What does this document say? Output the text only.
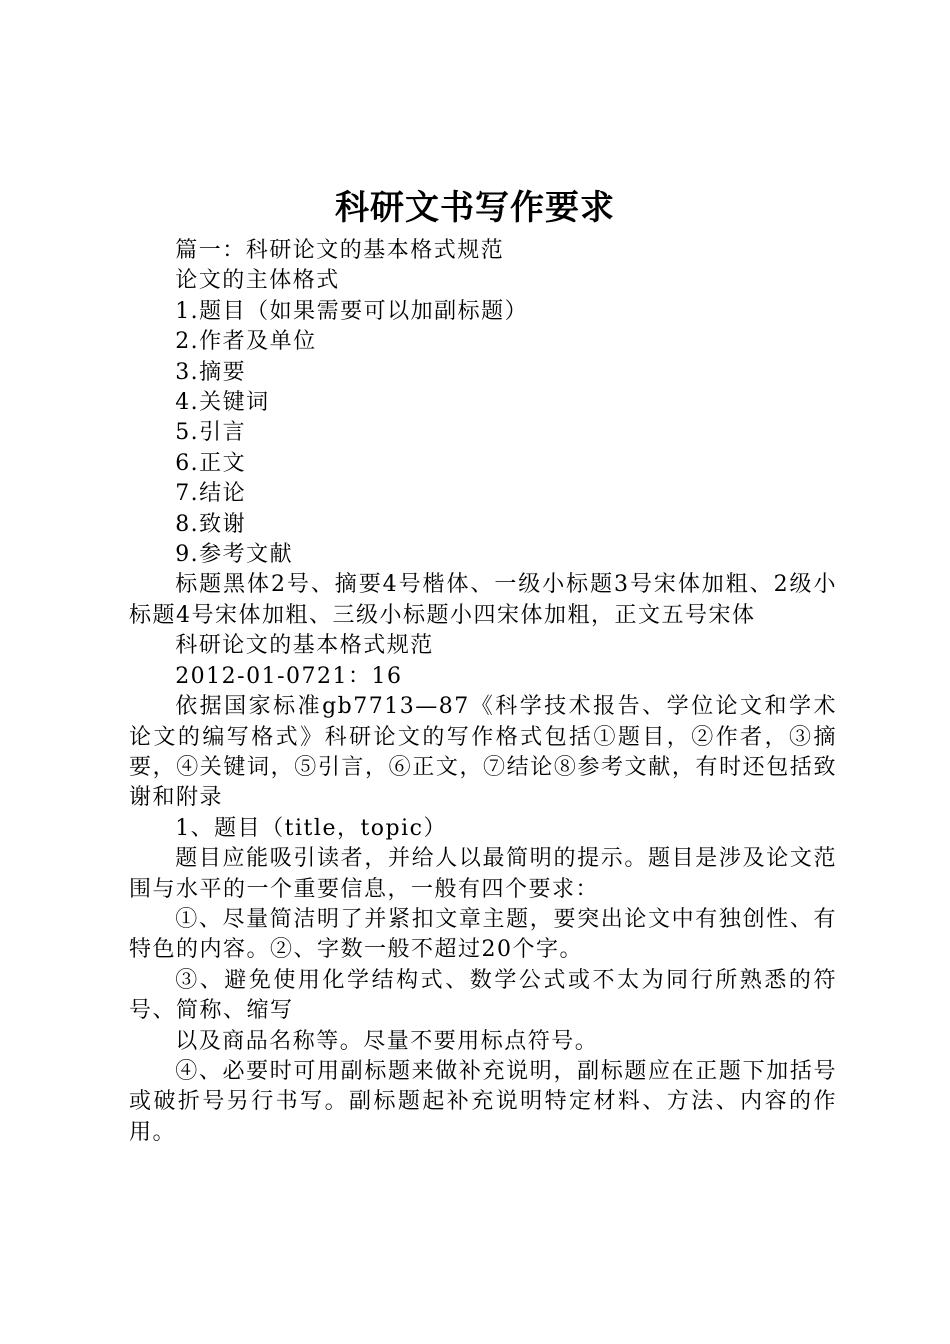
科研文书写作要求

篇一：科研论文的基本格式规范

论文的主体格式

1.题目（如果需要可以加副标题）

2.作者及单位

3.摘要

4.关键词

5.引言

6.正文

7.结论

8.致谢

9.参考文献

标题黑体2号、摘要4号楷体、一级小标题3号宋体加粗、2级小标题4号宋体加粗、三级小标题小四宋体加粗，正文五号宋体

科研论文的基本格式规范

2012-01-0721：16

依据国家标准gb7713—87《科学技术报告、学位论文和学术论文的编写格式》科研论文的写作格式包括①题目，②作者，③摘要，④关键词，⑤引言，⑥正文，⑦结论⑧参考文献，有时还包括致谢和附录

1、题目（title，topic）

题目应能吸引读者，并给人以最简明的提示。题目是涉及论文范围与水平的一个重要信息，一般有四个要求：

①、尽量简洁明了并紧扣文章主题，要突出论文中有独创性、有特色的内容。②、字数一般不超过20个字。

③、避免使用化学结构式、数学公式或不太为同行所熟悉的符号、简称、缩写

以及商品名称等。尽量不要用标点符号。

④、必要时可用副标题来做补充说明，副标题应在正题下加括号或破折号另行书写。副标题起补充说明特定材料、方法、内容的作用。
